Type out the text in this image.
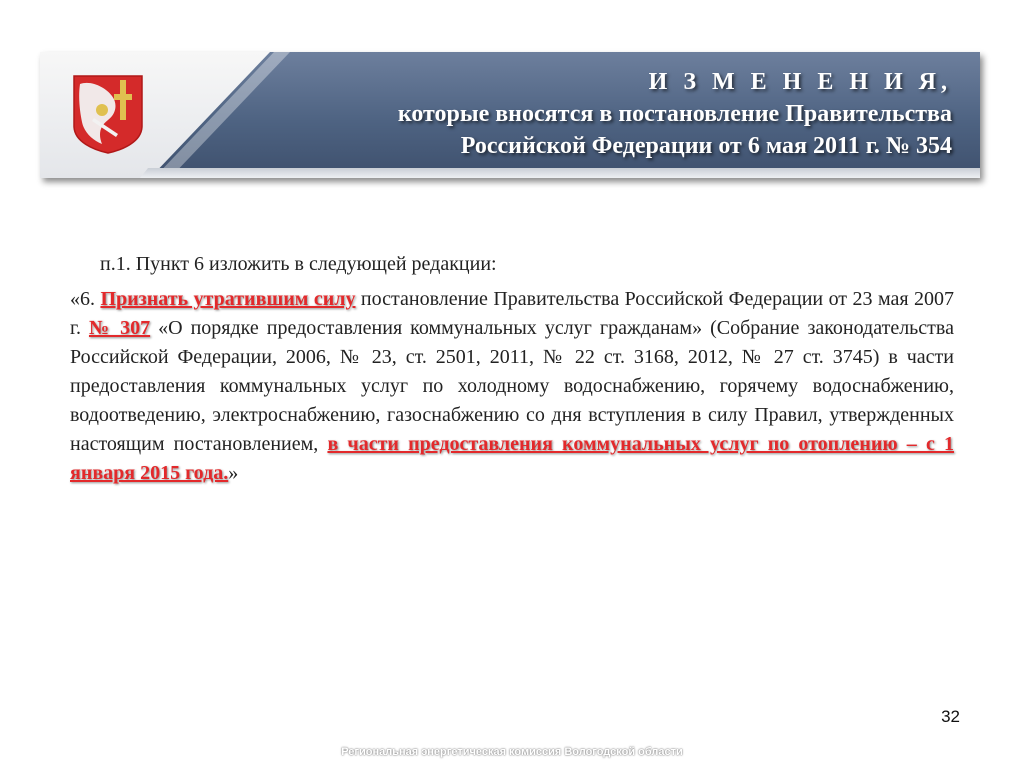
И З М Е Н Е Н И Я,
которые вносятся в постановление Правительства
Российской Федерации от 6 мая 2011 г. № 354

п.1. Пункт 6 изложить в следующей редакции:

«6. Признать утратившим силу постановление Правительства Российской Федерации от 23 мая 2007 г. № 307 «О порядке предоставления коммунальных услуг гражданам» (Собрание законодательства Российской Федерации, 2006, № 23, ст. 2501, 2011, № 22 ст. 3168, 2012, № 27 ст. 3745) в части предоставления коммунальных услуг по холодному водоснабжению, горячему водоснабжению, водоотведению, электроснабжению, газоснабжению со дня вступления в силу Правил, утвержденных настоящим постановлением, в части предоставления коммунальных услуг по отоплению – с 1 января 2015 года.»

32
Региональная энергетическая комиссия Вологодской области
